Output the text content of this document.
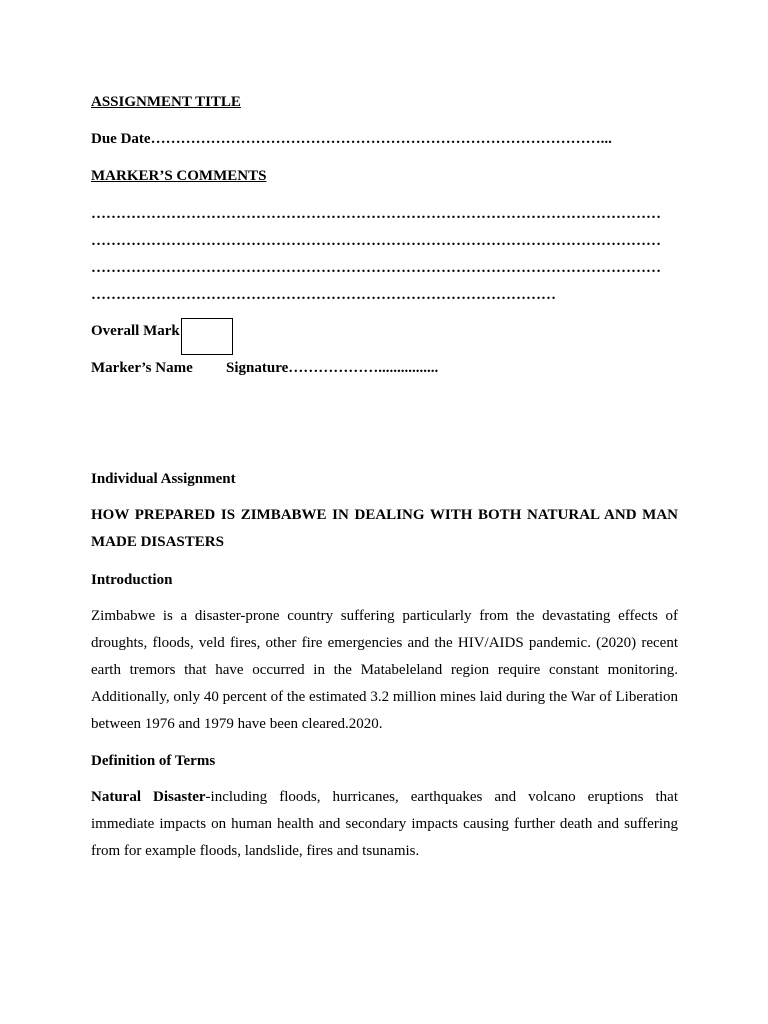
ASSIGNMENT TITLE
Due Date………………………………………………………………………………...
MARKER’S COMMENTS
……………………………………………………………………………………………………
……………………………………………………………………………………………………
……………………………………………………………………………………………………
…………………………………………………………………………………
Overall Mark
Marker’s Name Signature………………................
Individual Assignment
HOW PREPARED IS ZIMBABWE IN DEALING WITH BOTH NATURAL AND MAN MADE DISASTERS
Introduction
Zimbabwe is a disaster-prone country suffering particularly from the devastating effects of droughts, floods, veld fires, other fire emergencies and the HIV/AIDS pandemic. (2020) recent earth tremors that have occurred in the Matabeleland region require constant monitoring. Additionally, only 40 percent of the estimated 3.2 million mines laid during the War of Liberation between 1976 and 1979 have been cleared.2020.
Definition of Terms
Natural Disaster-including floods, hurricanes, earthquakes and volcano eruptions that immediate impacts on human health and secondary impacts causing further death and suffering from for example floods, landslide, fires and tsunamis.
